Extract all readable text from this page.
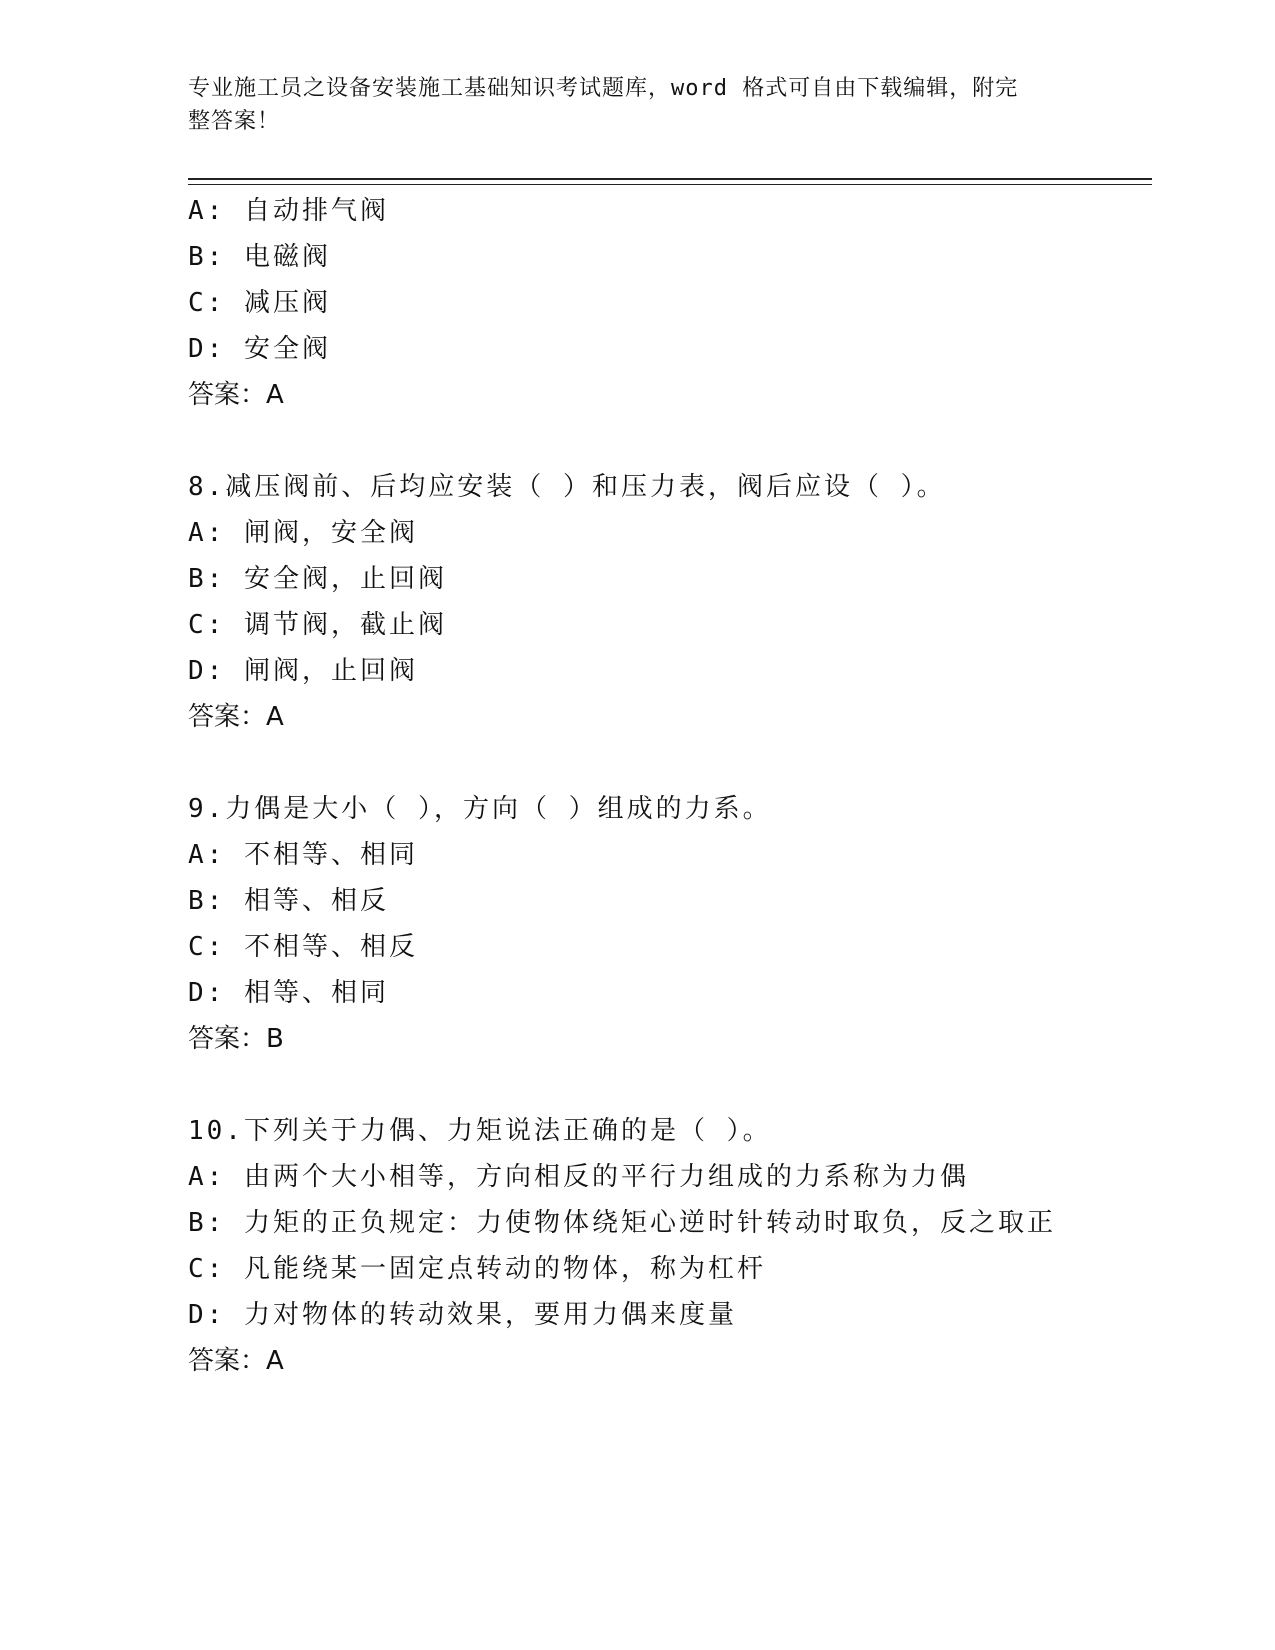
专业施工员之设备安装施工基础知识考试题库，word 格式可自由下载编辑，附完
整答案！
A: 自动排气阀
B: 电磁阀
C: 减压阀
D: 安全阀
答案：A
8.减压阀前、后均应安装（ ）和压力表，阀后应设（ ）。
A: 闸阀，安全阀
B: 安全阀，止回阀
C: 调节阀，截止阀
D: 闸阀，止回阀
答案：A
9.力偶是大小（ ），方向（ ）组成的力系。
A: 不相等、相同
B: 相等、相反
C: 不相等、相反
D: 相等、相同
答案：B
10.下列关于力偶、力矩说法正确的是（ ）。
A: 由两个大小相等，方向相反的平行力组成的力系称为力偶
B: 力矩的正负规定：力使物体绕矩心逆时针转动时取负，反之取正
C: 凡能绕某一固定点转动的物体，称为杠杆
D: 力对物体的转动效果，要用力偶来度量
答案：A
